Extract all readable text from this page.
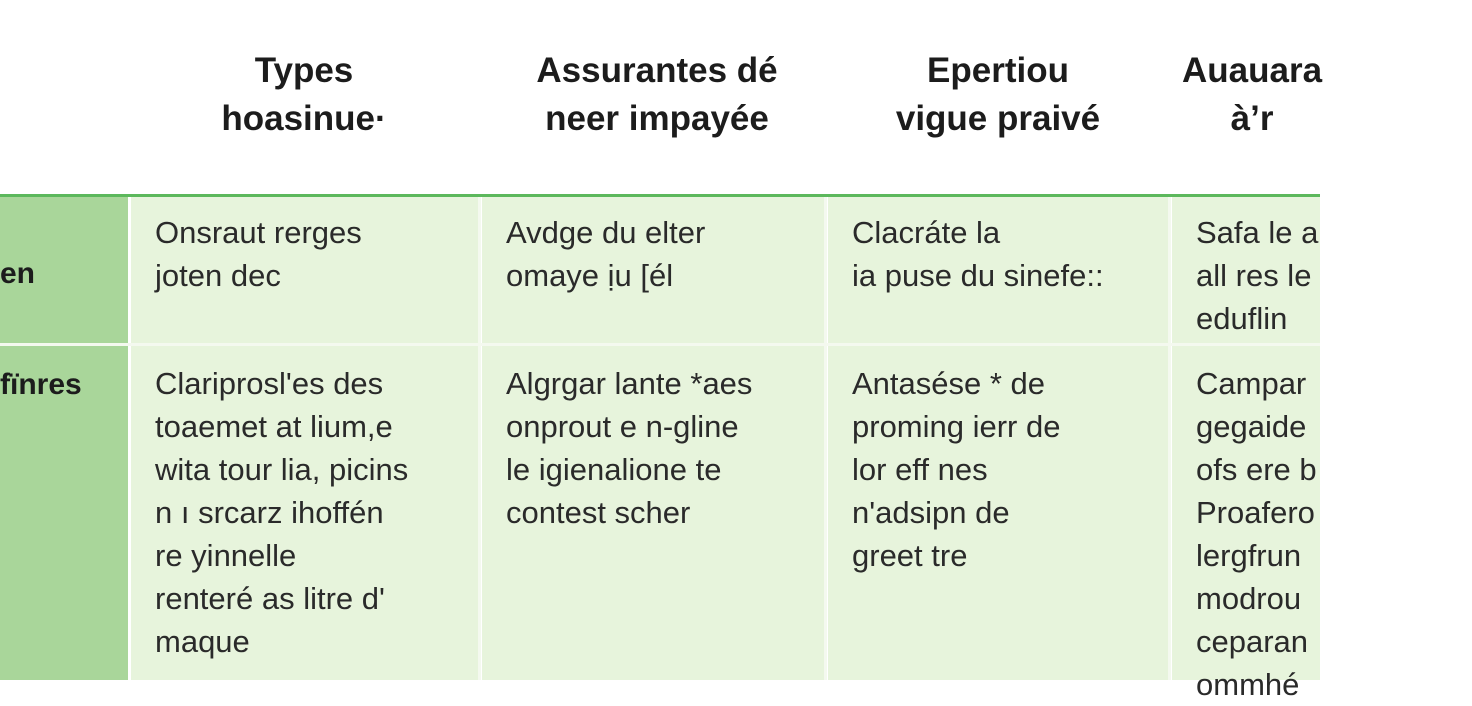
Types
hoasinue·
Assurantes dé
neer impayée
Epertiou
vigue praivé
Auauara
à’r
en
Onsraut rerges
joten dec
Avdge du elter
omaye ịu [él
Clacráte la
ia puse du sinefe::
Safa le a
all res le
eduflin
fïnres	Clariprosl'es des
toaemet at lium,e
wita tour lia, picins
n ı srcarz ihoffén
re yinnelle
renteré as litre d'
maque
Algrgar lante *aes
onprout e n-gline
le igienalione te
contest scher
Antasése * de
proming ierr de
lor eff nes
n'adsipn de
greet tre
Campar
gegaide
ofs ere b
Proafero
lergfrun
modrou
ceparan
ommhé
